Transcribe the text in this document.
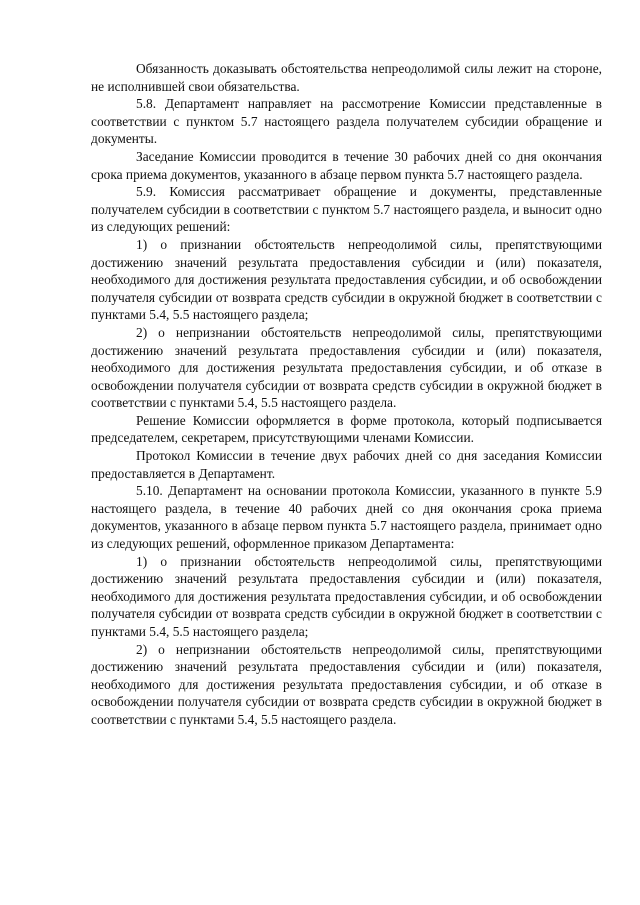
Обязанность доказывать обстоятельства непреодолимой силы лежит на стороне, не исполнившей свои обязательства.

5.8. Департамент направляет на рассмотрение Комиссии представленные в соответствии с пунктом 5.7 настоящего раздела получателем субсидии обращение и документы.

Заседание Комиссии проводится в течение 30 рабочих дней со дня окончания срока приема документов, указанного в абзаце первом пункта 5.7 настоящего раздела.

5.9. Комиссия рассматривает обращение и документы, представленные получателем субсидии в соответствии с пунктом 5.7 настоящего раздела, и выносит одно из следующих решений:

1) о признании обстоятельств непреодолимой силы, препятствующими достижению значений результата предоставления субсидии и (или) показателя, необходимого для достижения результата предоставления субсидии, и об освобождении получателя субсидии от возврата средств субсидии в окружной бюджет в соответствии с пунктами 5.4, 5.5 настоящего раздела;

2) о непризнании обстоятельств непреодолимой силы, препятствующими достижению значений результата предоставления субсидии и (или) показателя, необходимого для достижения результата предоставления субсидии, и об отказе в освобождении получателя субсидии от возврата средств субсидии в окружной бюджет в соответствии с пунктами 5.4, 5.5 настоящего раздела.

Решение Комиссии оформляется в форме протокола, который подписывается председателем, секретарем, присутствующими членами Комиссии.

Протокол Комиссии в течение двух рабочих дней со дня заседания Комиссии предоставляется в Департамент.

5.10. Департамент на основании протокола Комиссии, указанного в пункте 5.9 настоящего раздела, в течение 40 рабочих дней со дня окончания срока приема документов, указанного в абзаце первом пункта 5.7 настоящего раздела, принимает одно из следующих решений, оформленное приказом Департамента:

1) о признании обстоятельств непреодолимой силы, препятствующими достижению значений результата предоставления субсидии и (или) показателя, необходимого для достижения результата предоставления субсидии, и об освобождении получателя субсидии от возврата средств субсидии в окружной бюджет в соответствии с пунктами 5.4, 5.5 настоящего раздела;

2) о непризнании обстоятельств непреодолимой силы, препятствующими достижению значений результата предоставления субсидии и (или) показателя, необходимого для достижения результата предоставления субсидии, и об отказе в освобождении получателя субсидии от возврата средств субсидии в окружной бюджет в соответствии с пунктами 5.4, 5.5 настоящего раздела.
